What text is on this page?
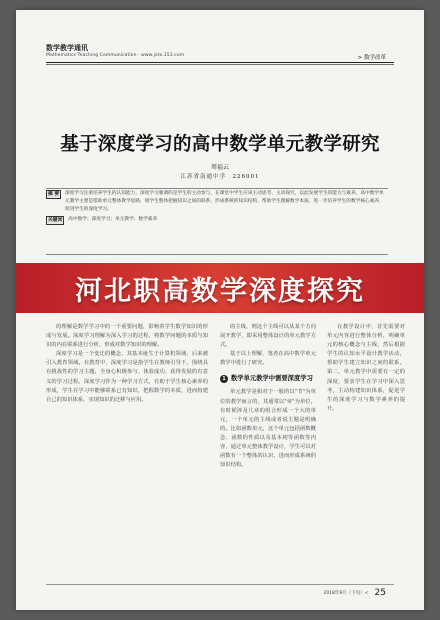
数学教学通讯
Mathematics Teaching Communication · www.jxtx.153.com	> 数学改革
基于深度学习的高中数学单元教学研究
周福云
江苏省南通中学　226001
摘 要	深度学习注重培养学生的认知能力，深度学习强调的是学生的主动参与，在课堂中学生应该主动思考、主动探究，以此发展学生的能力与素养。高中数学单元教学主要是借助单元整体教学思路，使学生整体把握知识之间的联系，形成系统的知识结构，帮助学生理解数学本质，进一步培养学生的数学核心素养，促进学生的深度学习。
关键词	高中数学；深度学习；单元教学；数学素养
河北职高数学深度探究

的理解是数学学习中的一个重要问题，影响着学生数学知识的形成与发展。深度学习理解为深入学习的过程，将数学问题的本质与知识的内在联系进行分析，形成对数学知识的理解。

深度学习是一个变迁的概念，其基本诞生于计算机领域，后来被引入教育领域。在教育中，深度学习是指学生在教师引导下，围绕具有挑战性的学习主题，全身心积极参与、体验成功、获得发展的有意义的学习过程。深度学习作为一种学习方式，有助于学生核心素养的形成，学生在学习中能够联系已有知识，把握数学的本质，进而构建自己的知识体系，实现知识的迁移与应用。

的主线，则这个主线可以从某个方向展开教学，即采用整体设计的单元教学方式。

基于以上理解，笔者在高中数学单元教学中进行了研究。

1 数学单元教学中需要深度学习

单元教学是相对于一般的以"节"为单位的教学而言的，其通常以"章"为单位，有时候涉及几章的组合形成一个大的单元，一个单元的主线或者说主题是明确的。比如函数单元，这个单元包括函数概念、函数的性质以及基本初等函数等内容，通过单元整体教学设计，学生可以对函数有一个整体的认识，进而形成系统的知识结构。

在教学设计中，首先需要对单元内容进行整体分析，明确单元的核心概念与主线，然后根据学生的认知水平设计教学活动，帮助学生建立知识之间的联系。第二，单元教学中需要有一定的深度，要求学生在学习中深入思考，主动构建知识体系，促进学生的深度学习与数学素养的提升。

2018年9月（下旬）< 25
